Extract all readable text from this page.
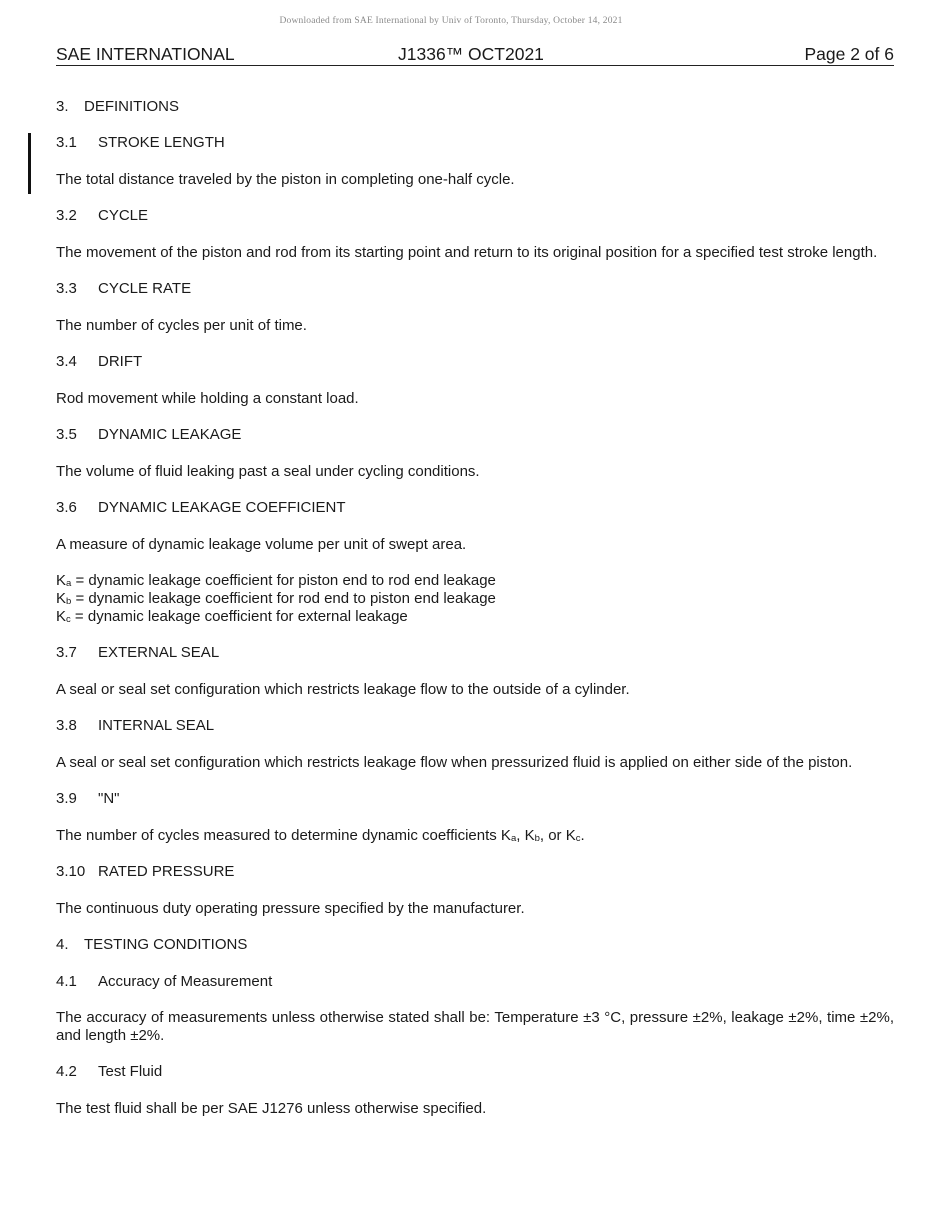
Downloaded from SAE International by Univ of Toronto, Thursday, October 14, 2021
SAE INTERNATIONAL	J1336™ OCT2021	Page 2 of 6
3. DEFINITIONS
3.1 STROKE LENGTH
The total distance traveled by the piston in completing one-half cycle.
3.2 CYCLE
The movement of the piston and rod from its starting point and return to its original position for a specified test stroke length.
3.3 CYCLE RATE
The number of cycles per unit of time.
3.4 DRIFT
Rod movement while holding a constant load.
3.5 DYNAMIC LEAKAGE
The volume of fluid leaking past a seal under cycling conditions.
3.6 DYNAMIC LEAKAGE COEFFICIENT
A measure of dynamic leakage volume per unit of swept area.
$K_a$ = dynamic leakage coefficient for piston end to rod end leakage
$K_b$ = dynamic leakage coefficient for rod end to piston end leakage
$K_c$ = dynamic leakage coefficient for external leakage
3.7 EXTERNAL SEAL
A seal or seal set configuration which restricts leakage flow to the outside of a cylinder.
3.8 INTERNAL SEAL
A seal or seal set configuration which restricts leakage flow when pressurized fluid is applied on either side of the piston.
3.9 "N"
The number of cycles measured to determine dynamic coefficients $K_a$, $K_b$, or $K_c$.
3.10 RATED PRESSURE
The continuous duty operating pressure specified by the manufacturer.
4. TESTING CONDITIONS
4.1 Accuracy of Measurement
The accuracy of measurements unless otherwise stated shall be: Temperature ±3 °C, pressure ±2%, leakage ±2%, time ±2%, and length ±2%.
4.2 Test Fluid
The test fluid shall be per SAE J1276 unless otherwise specified.
